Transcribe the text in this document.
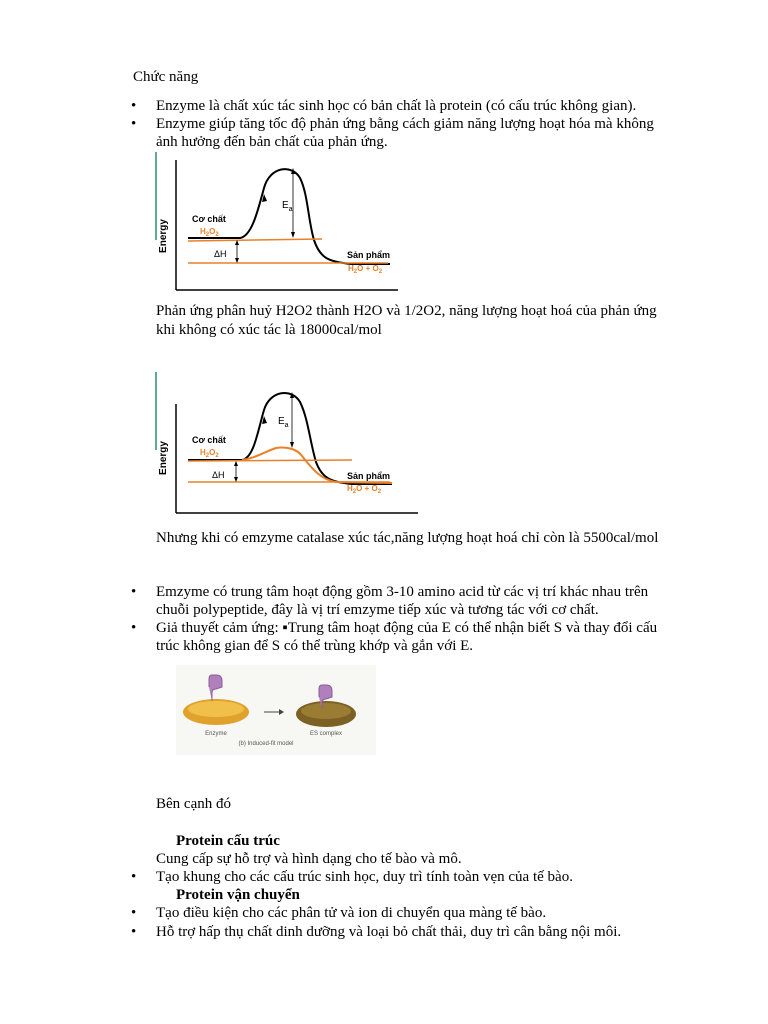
Chức năng
• Enzyme là chất xúc tác sinh học có bản chất là protein (có cấu trúc không gian).
• Enzyme giúp tăng tốc độ phản ứng bằng cách giảm năng lượng hoạt hóa mà không
ảnh hưởng đến bản chất của phản ứng.
Energy
$E_a$
ΔH
Cơ chất
$H_2O_2$
Sản phẩm
$H_2O + O_2$
Phản ứng phân huỷ H2O2 thành H2O và 1/2O2, năng lượng hoạt hoá của phản ứng
khi không có xúc tác là 18000cal/mol
Energy
$E_a$
ΔH
Cơ chất
$H_2O_2$
Sản phẩm
$H_2O + O_2$
Nhưng khi có emzyme catalase xúc tác,năng lượng hoạt hoá chỉ còn là 5500cal/mol
• Emzyme có trung tâm hoạt động gồm 3-10 amino acid từ các vị trí khác nhau trên
chuỗi polypeptide, đây là vị trí emzyme tiếp xúc và tương tác với cơ chất.
• Giả thuyết cảm ứng: ▪Trung tâm hoạt động của E có thể nhận biết S và thay đổi cấu
trúc không gian để S có thể trùng khớp và gắn với E.
Enzyme	ES complex
(b) Induced-fit model
Bên cạnh đó
Protein cấu trúc
Cung cấp sự hỗ trợ và hình dạng cho tế bào và mô.
• Tạo khung cho các cấu trúc sinh học, duy trì tính toàn vẹn của tế bào.
Protein vận chuyển
• Tạo điều kiện cho các phân tử và ion di chuyển qua màng tế bào.
• Hỗ trợ hấp thụ chất dinh dưỡng và loại bỏ chất thải, duy trì cân bằng nội môi.
